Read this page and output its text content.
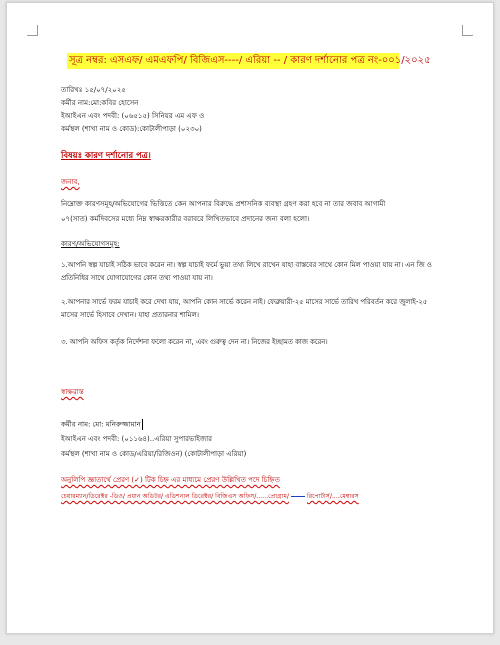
সূত্র নম্বর: এসএফ/ এমএফপি/ বিজিএস----/ এরিয়া -- / কারণ দর্শানোর পত্র নং-০০১/২০২৫
তারিখঃ ১৫/০৭/২০২৫
কর্মীর নাম:মো:কবির হোসেন
ইআইএন এবং পদবী: (০৬৫১৫) সিনিয়র এম এফ ও
কর্মস্থল (শাখা নাম ও কোড):কোটালীপাড়া (০২৩০)
বিষয়ঃ কারণ দর্শানোর পত্র।
জনাব,
নিম্নোক্ত কারণসমূহ/অভিযোগের ভিত্তিতে কেন আপনার বিরুদ্ধে প্রশাসনিক ব্যবস্থা গ্রহণ করা হবে না তার জবাব আগামী
০৭(সাত) কর্মদিবসের মধ্যে নিম্ন স্বাক্ষরকারীর বরাবরে লিখিতভাবে প্রদানের জন্য বলা হলো।
কারণ/অভিযোগসমূহ:
১.আপনি স্বল্প যাচাই সঠিক ভাবে করেন না। স্বল্প যাচাই ফর্মে ভুয়া তথ্য লিখে রাখেন যাহা বাস্তবের সাথে কোন মিল পাওয়া যায় না। এন জি ও প্রতিনিধির সাথে যোগাযোগের কোন তথ্য পাওয়া যায় না।
২.আপনার সার্ভে ফরম যাচাই করে দেখা যায়, আপনি কোন সার্ভে করেন নাই। ফেব্রুয়ারী-২৫ মাসের সার্ভে তারিখ পরিবর্তন করে জুলাই-২৫ মাসের সার্ভে হিসাবে দেখান। যাহা প্রতারনার শামিল।
৩. আপনি অফিস কর্তৃক নির্দেশনা ফলো করেন না, এবং গুরুত্ব দেন না। নিজের ইচ্ছামত কাজ করেন।
স্বাক্ষরান্ত
কর্মীর নাম: মো: মনিরুজ্জামান
ইআইএন এবং পদবী: (০১১৬৪)..এরিয়া সুপারভাইজার
কর্মস্থল (শাখা নাম ও কোড/এরিয়া/রিজিওন) (কোটালীপাড়া এরিয়া)
অনুলিপি জ্ঞাতার্থে প্রেরণ (✓) টিক চিহ্ন এর মাধ্যমে প্রেরণ উল্লিখিত পদে চিহ্নিত
চেয়ারম্যান/ডিরেক্টর -ডিও/ প্রধান অডিটর/ এডিশনাল ডিরেক্টর/ বিজিএস অফিস/......প্রোগ্রাম/	রিপোর্টার্স/....মেম্বারস
